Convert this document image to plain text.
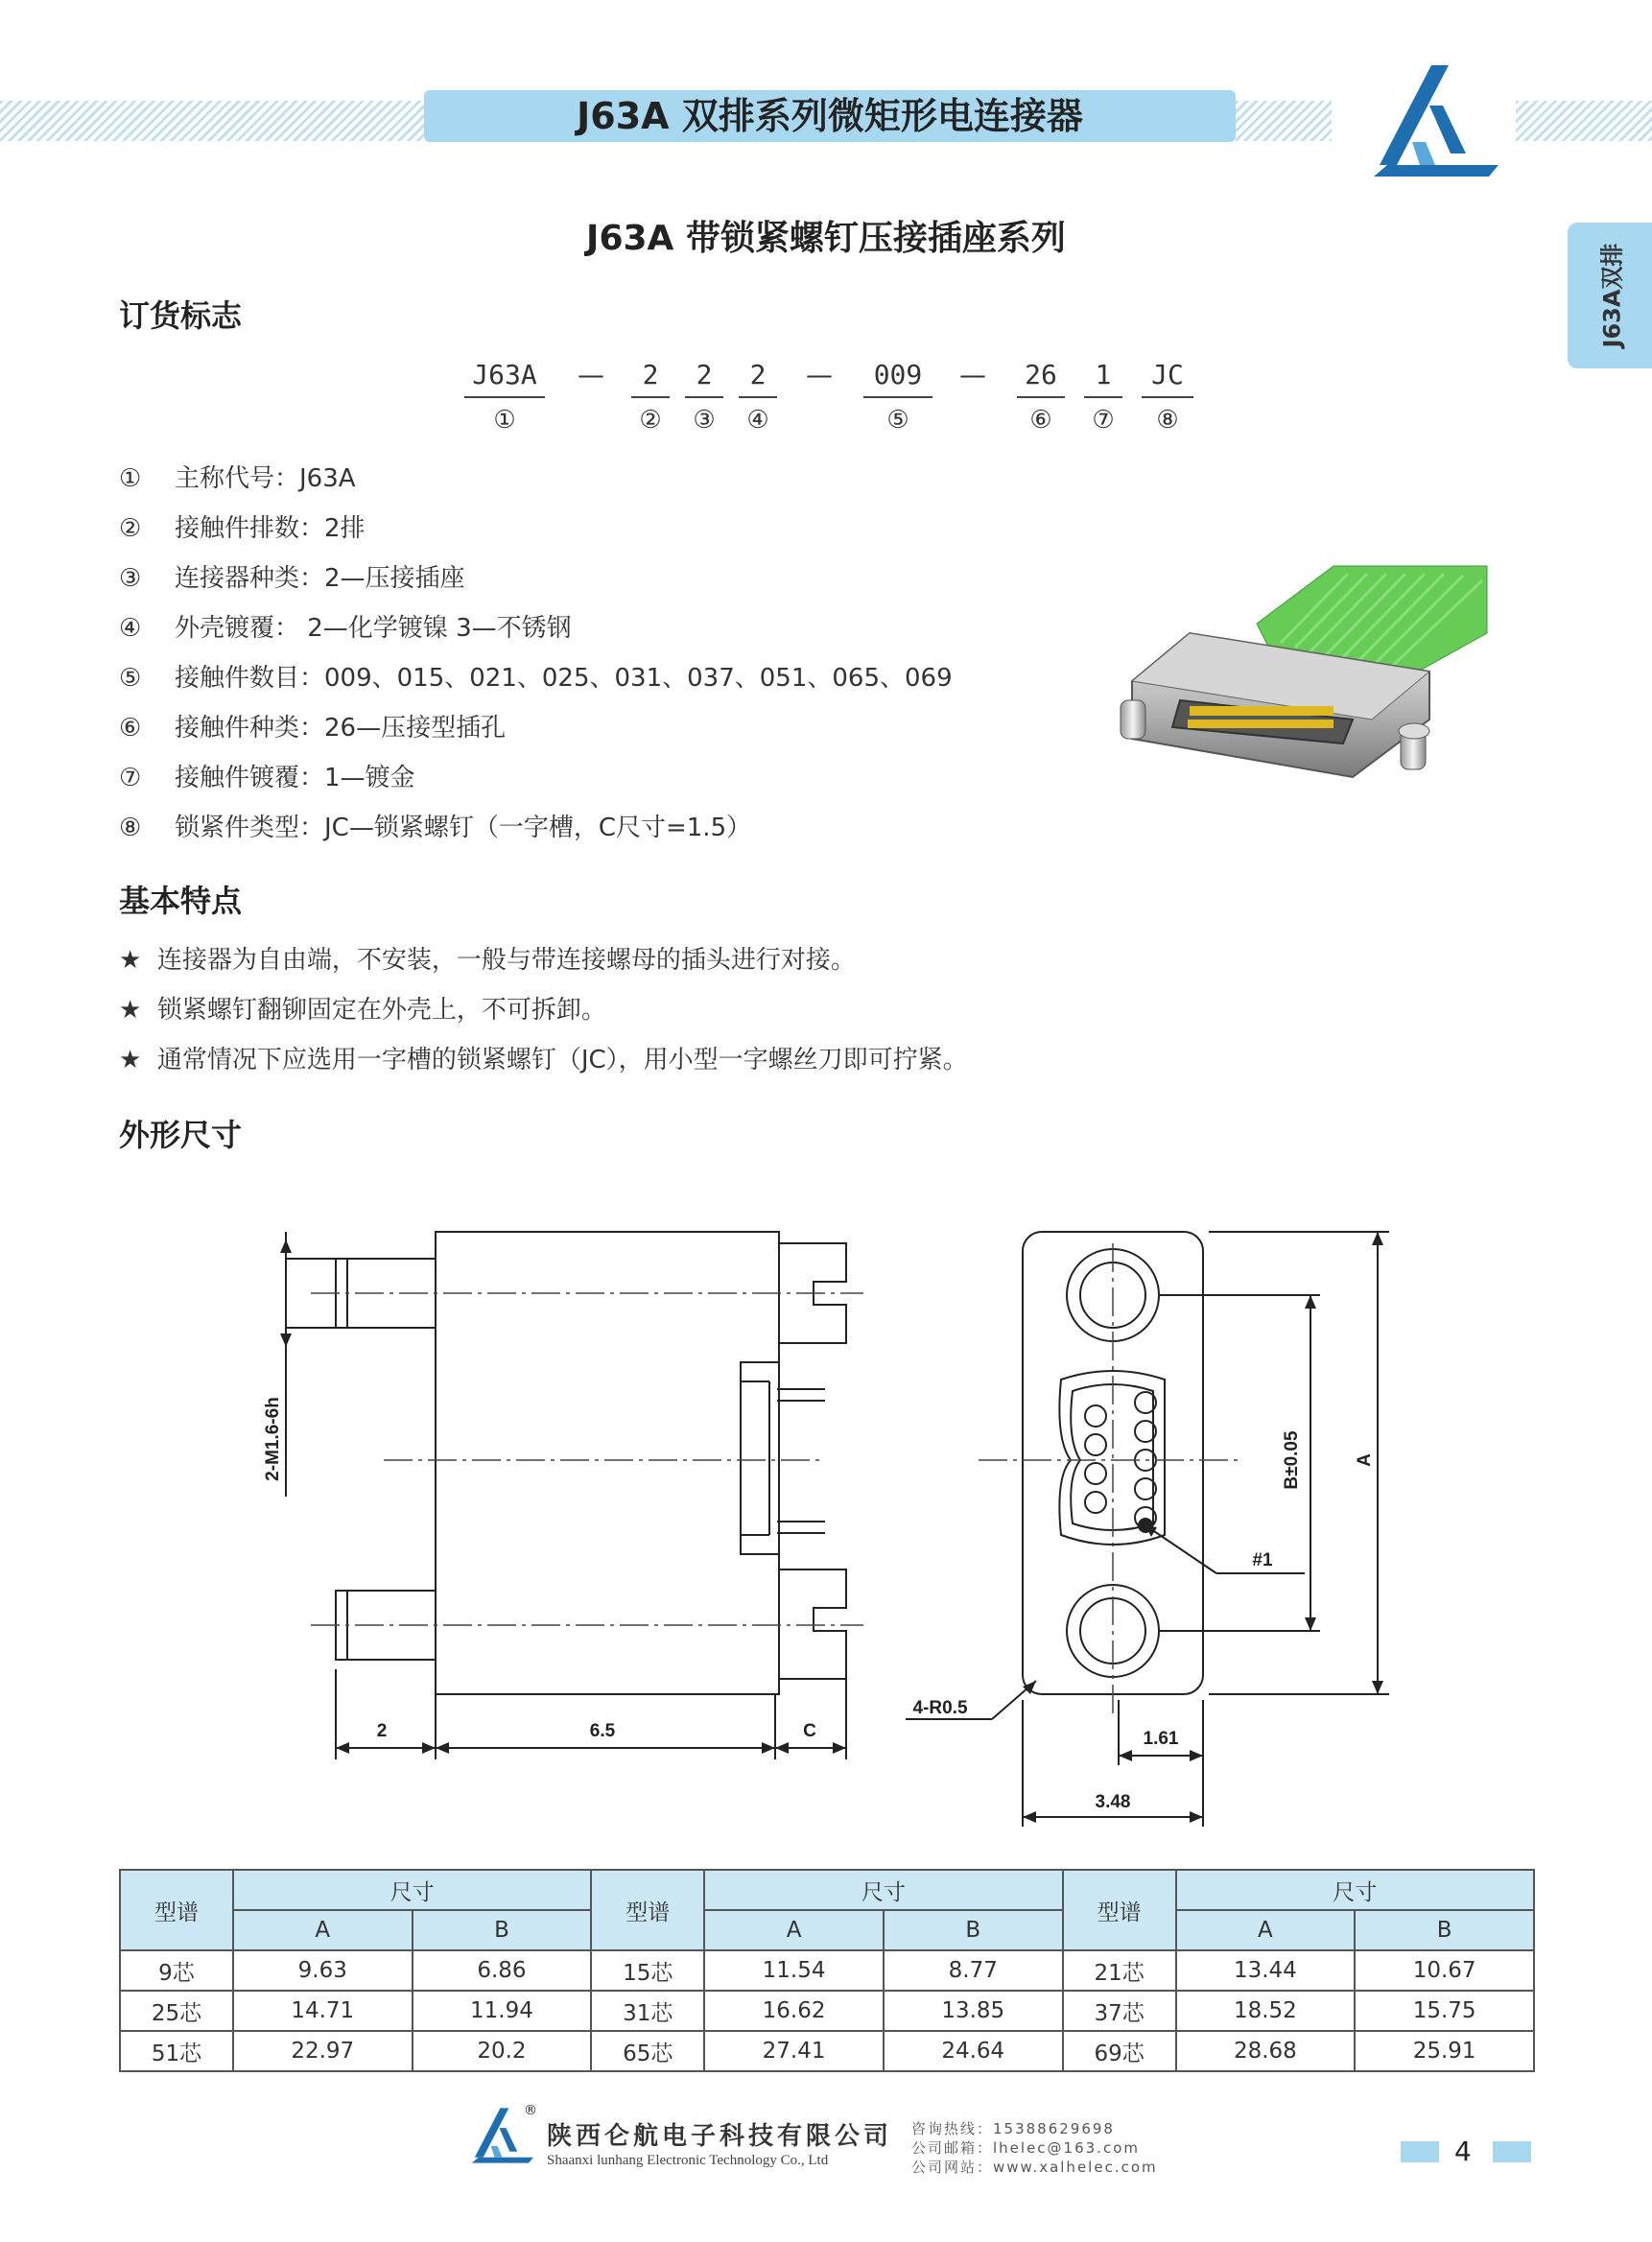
J63A 双排系列微矩形电连接器
J63A双排
J63A 带锁紧螺钉压接插座系列
订货标志
J63A
①
—	2
②
2
③
2
④
—	009
⑤
— 26
⑥
1
⑦
JC
⑧
① 主称代号：J63A
② 接触件排数：2排
③ 连接器种类：2—压接插座
④ 外壳镀覆： 2—化学镀镍 3—不锈钢
⑤ 接触件数目：009、015、021、025、031、037、051、065、069
⑥ 接触件种类：26—压接型插孔
⑦ 接触件镀覆：1—镀金
⑧ 锁紧件类型：JC—锁紧螺钉（一字槽，C尺寸=1.5）
基本特点
★ 连接器为自由端，不安装，一般与带连接螺母的插头进行对接。
★ 锁紧螺钉翻铆固定在外壳上，不可拆卸。
★ 通常情况下应选用一字槽的锁紧螺钉（JC），用小型一字螺丝刀即可拧紧。
外形尺寸
2-M1.6-6h
2	6.5	C
4-R0.5
1.61
3.48
B±0.05	A
#1
型谱	尺寸		型谱	尺寸		型谱	尺寸	
	A	B		A	B		A	B
9芯	9.63	6.86	15芯	11.54	8.77	21芯	13.44	10.67
25芯	14.71	11.94	31芯	16.62	13.85	37芯	18.52	15.75
51芯	22.97	20.2	65芯	27.41	24.64	69芯	28.68	25.91
®
陕西仑航电子科技有限公司
Shaanxi lunhang Electronic Technology Co., Ltd
咨询热线：15388629698
公司邮箱：lhelec@163.com
公司网站：www.xalhelec.com	4
